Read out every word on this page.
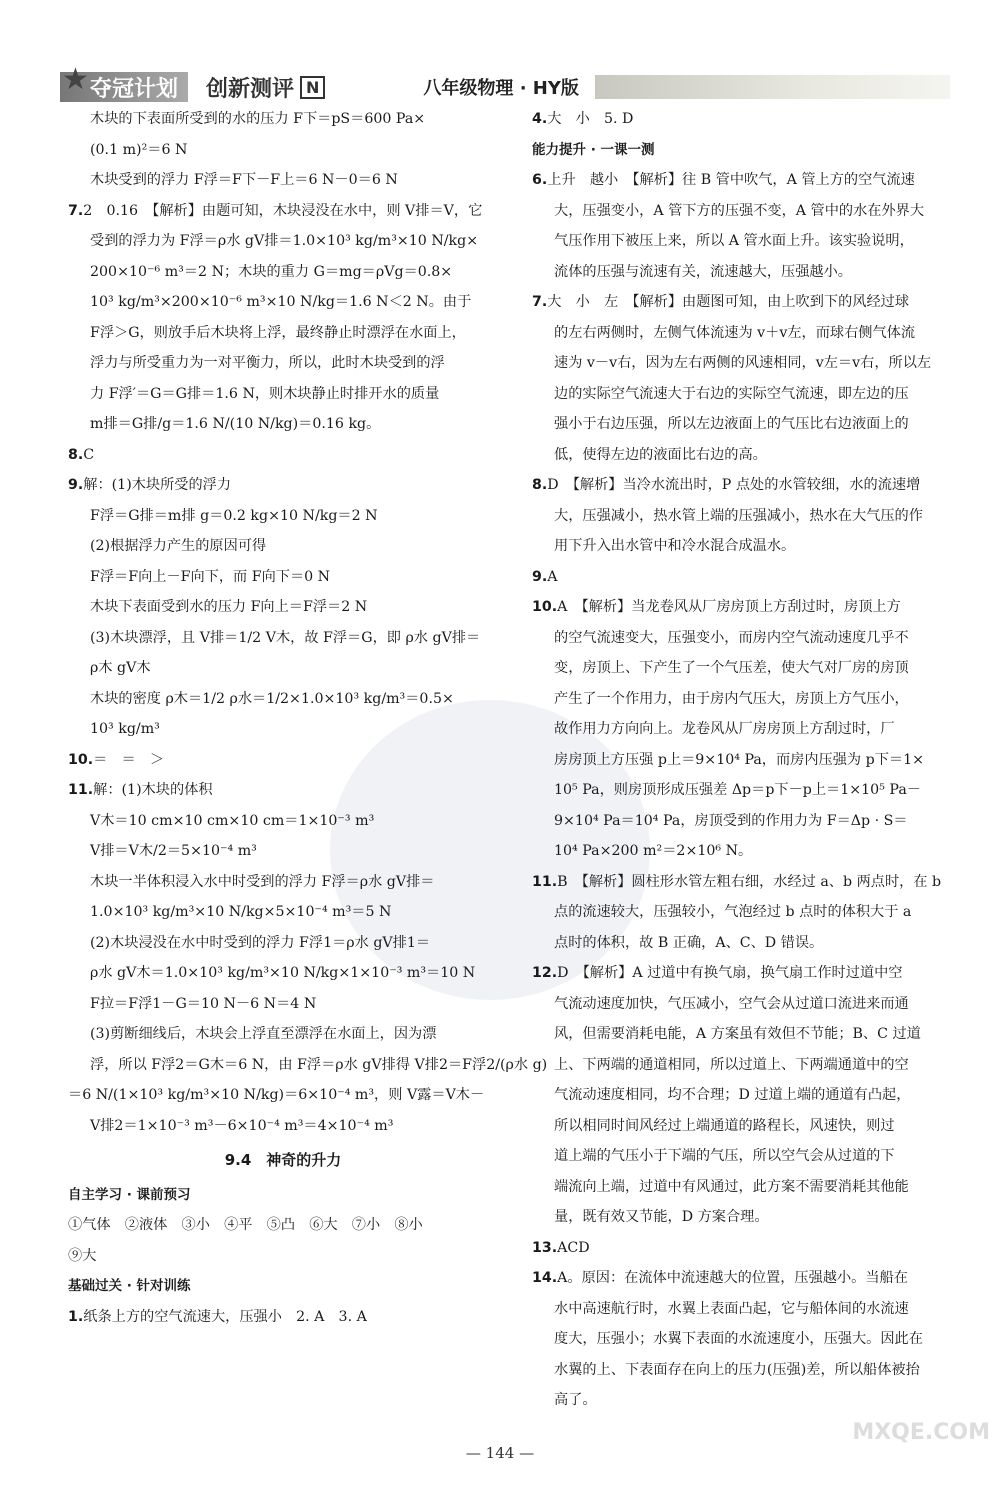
★ 夺冠计划 创新测评 N	八年级物理 · HY版
木块的下表面所受到的水的压力 F下＝pS＝600 Pa×
(0.1 m)²＝6 N
木块受到的浮力 F浮＝F下－F上＝6 N－0＝6 N
7.2　0.16　【解析】由题可知，木块浸没在水中，则 V排＝V，它
受到的浮力为 F浮＝ρ水 gV排＝1.0×10³ kg/m³×10 N/kg×
200×10⁻⁶ m³＝2 N；木块的重力 G＝mg＝ρVg＝0.8×
10³ kg/m³×200×10⁻⁶ m³×10 N/kg＝1.6 N＜2 N。由于
F浮＞G，则放手后木块将上浮，最终静止时漂浮在水面上，
浮力与所受重力为一对平衡力，所以，此时木块受到的浮
力 F浮′＝G＝G排＝1.6 N，则木块静止时排开水的质量
m排＝G排/g＝1.6 N/(10 N/kg)＝0.16 kg。
8.C
9.解：(1)木块所受的浮力
F浮＝G排＝m排 g＝0.2 kg×10 N/kg＝2 N
(2)根据浮力产生的原因可得
F浮＝F向上－F向下，而 F向下＝0 N
木块下表面受到水的压力 F向上＝F浮＝2 N
(3)木块漂浮，且 V排＝1/2 V木，故 F浮＝G，即 ρ水 gV排＝
ρ木 gV木
木块的密度 ρ木＝1/2 ρ水＝1/2×1.0×10³ kg/m³＝0.5×
10³ kg/m³
10.＝　＝　＞
11.解：(1)木块的体积
V木＝10 cm×10 cm×10 cm＝1×10⁻³ m³
V排＝V木/2＝5×10⁻⁴ m³
木块一半体积浸入水中时受到的浮力 F浮＝ρ水 gV排＝
1.0×10³ kg/m³×10 N/kg×5×10⁻⁴ m³＝5 N
(2)木块浸没在水中时受到的浮力 F浮1＝ρ水 gV排1＝
ρ水 gV木＝1.0×10³ kg/m³×10 N/kg×1×10⁻³ m³＝10 N
F拉＝F浮1－G＝10 N－6 N＝4 N
(3)剪断细线后，木块会上浮直至漂浮在水面上，因为漂
浮，所以 F浮2＝G木＝6 N，由 F浮＝ρ水 gV排得 V排2＝F浮2/(ρ水 g)
＝6 N/(1×10³ kg/m³×10 N/kg)＝6×10⁻⁴ m³，则 V露＝V木－
V排2＝1×10⁻³ m³－6×10⁻⁴ m³＝4×10⁻⁴ m³
9.4　神奇的升力
自主学习 · 课前预习
①气体　②液体　③小　④平　⑤凸　⑥大　⑦小　⑧小
⑨大
基础过关 · 针对训练
1.纸条上方的空气流速大，压强小　2. A　3. A
4.大　小　5. D
能力提升 · 一课一测
6.上升　越小　【解析】往 B 管中吹气，A 管上方的空气流速
大，压强变小，A 管下方的压强不变，A 管中的水在外界大
气压作用下被压上来，所以 A 管水面上升。该实验说明，
流体的压强与流速有关，流速越大，压强越小。
7.大　小　左　【解析】由题图可知，由上吹到下的风经过球
的左右两侧时，左侧气体流速为 v＋v左，而球右侧气体流
速为 v－v右，因为左右两侧的风速相同，v左＝v右，所以左
边的实际空气流速大于右边的实际空气流速，即左边的压
强小于右边压强，所以左边液面上的气压比右边液面上的
低，使得左边的液面比右边的高。
8.D　【解析】当冷水流出时，P 点处的水管较细，水的流速增
大，压强减小，热水管上端的压强减小，热水在大气压的作
用下升入出水管中和冷水混合成温水。
9.A
10.A　【解析】当龙卷风从厂房房顶上方刮过时，房顶上方
的空气流速变大，压强变小，而房内空气流动速度几乎不
变，房顶上、下产生了一个气压差，使大气对厂房的房顶
产生了一个作用力，由于房内气压大，房顶上方气压小，
故作用力方向向上。龙卷风从厂房房顶上方刮过时，厂
房房顶上方压强 p上＝9×10⁴ Pa，而房内压强为 p下＝1×
10⁵ Pa，则房顶形成压强差 Δp＝p下－p上＝1×10⁵ Pa－
9×10⁴ Pa＝10⁴ Pa，房顶受到的作用力为 F＝Δp · S＝
10⁴ Pa×200 m²＝2×10⁶ N。
11.B　【解析】圆柱形水管左粗右细，水经过 a、b 两点时，在 b
点的流速较大，压强较小，气泡经过 b 点时的体积大于 a
点时的体积，故 B 正确，A、C、D 错误。
12.D　【解析】A 过道中有换气扇，换气扇工作时过道中空
气流动速度加快，气压减小，空气会从过道口流进来而通
风，但需要消耗电能，A 方案虽有效但不节能；B、C 过道
上、下两端的通道相同，所以过道上、下两端通道中的空
气流动速度相同，均不合理；D 过道上端的通道有凸起，
所以相同时间风经过上端通道的路程长，风速快，则过
道上端的气压小于下端的气压，所以空气会从过道的下
端流向上端，过道中有风通过，此方案不需要消耗其他能
量，既有效又节能，D 方案合理。
13.ACD
14.A。原因：在流体中流速越大的位置，压强越小。当船在
水中高速航行时，水翼上表面凸起，它与船体间的水流速
度大，压强小；水翼下表面的水流速度小，压强大。因此在
水翼的上、下表面存在向上的压力(压强)差，所以船体被抬
高了。
— 144 —
MXQE.COM
